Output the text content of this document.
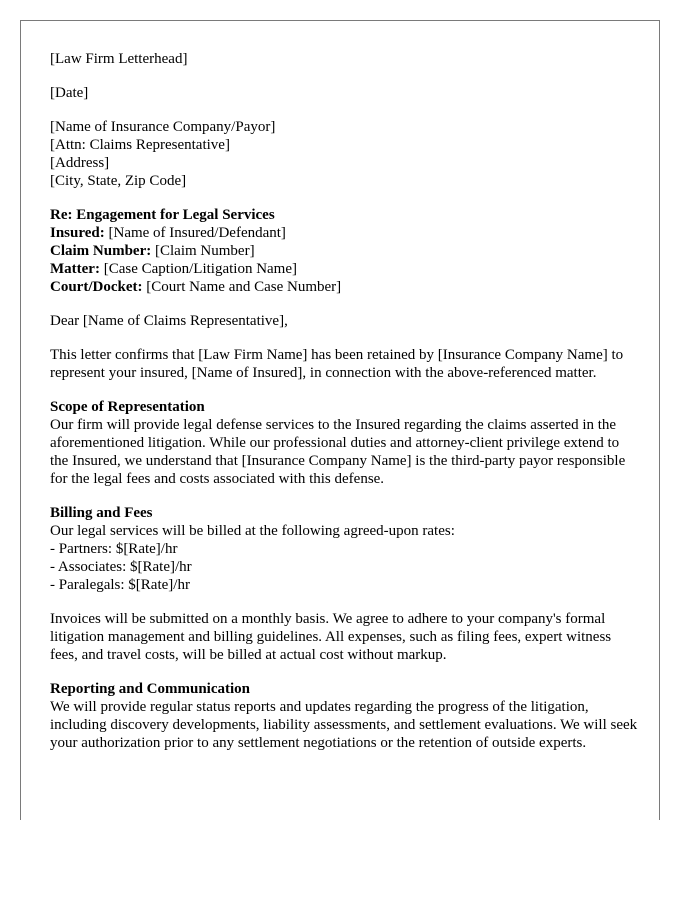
[Law Firm Letterhead]
[Date]
[Name of Insurance Company/Payor]
[Attn: Claims Representative]
[Address]
[City, State, Zip Code]
Re: Engagement for Legal Services
Insured: [Name of Insured/Defendant]
Claim Number: [Claim Number]
Matter: [Case Caption/Litigation Name]
Court/Docket: [Court Name and Case Number]
Dear [Name of Claims Representative],
This letter confirms that [Law Firm Name] has been retained by [Insurance Company Name] to represent your insured, [Name of Insured], in connection with the above-referenced matter.
Scope of Representation
Our firm will provide legal defense services to the Insured regarding the claims asserted in the aforementioned litigation. While our professional duties and attorney-client privilege extend to the Insured, we understand that [Insurance Company Name] is the third-party payor responsible for the legal fees and costs associated with this defense.
Billing and Fees
Our legal services will be billed at the following agreed-upon rates:
- Partners: $[Rate]/hr
- Associates: $[Rate]/hr
- Paralegals: $[Rate]/hr
Invoices will be submitted on a monthly basis. We agree to adhere to your company's formal litigation management and billing guidelines. All expenses, such as filing fees, expert witness fees, and travel costs, will be billed at actual cost without markup.
Reporting and Communication
We will provide regular status reports and updates regarding the progress of the litigation, including discovery developments, liability assessments, and settlement evaluations. We will seek your authorization prior to any settlement negotiations or the retention of outside experts.
